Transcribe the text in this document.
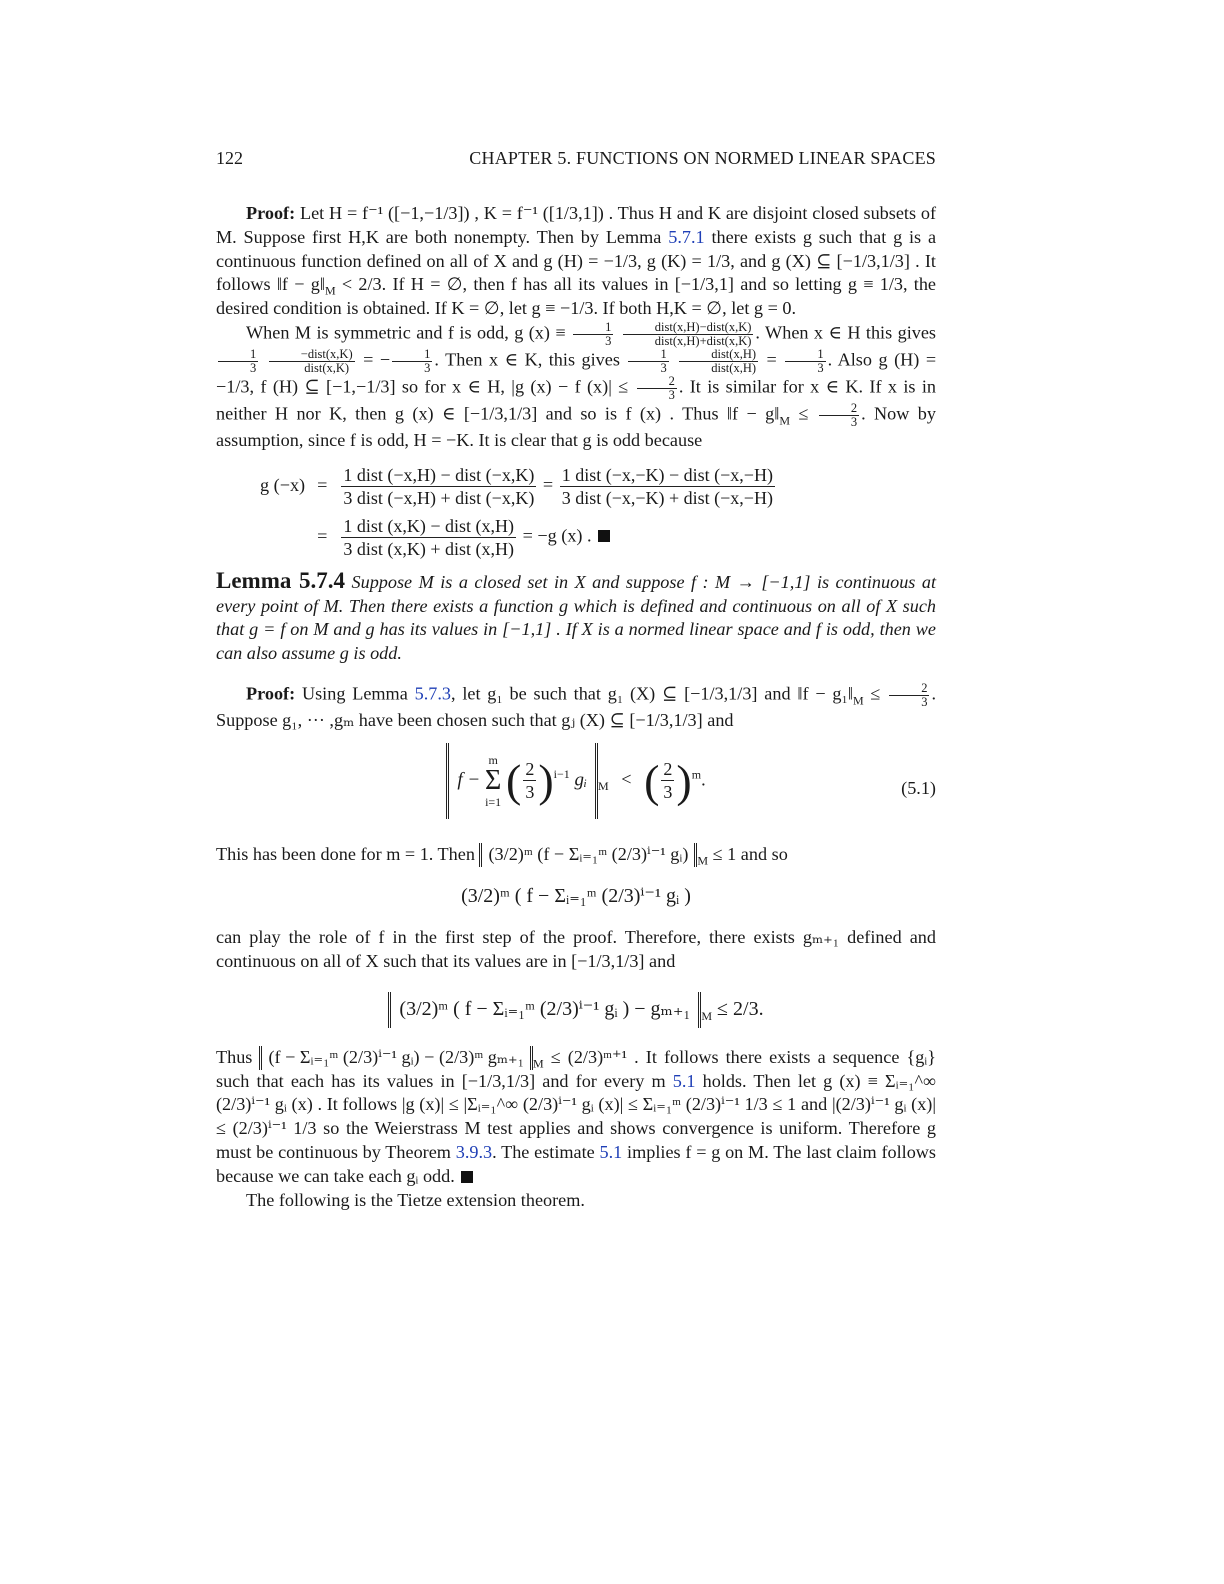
122	CHAPTER 5. FUNCTIONS ON NORMED LINEAR SPACES

Proof: Let H = f⁻¹ ([−1,−1/3]) , K = f⁻¹ ([1/3,1]) . Thus H and K are disjoint closed subsets of M. Suppose first H,K are both nonempty. Then by Lemma 5.7.1 there exists g such that g is a continuous function defined on all of X and g (H) = −1/3, g (K) = 1/3, and g (X) ⊆ [−1/3,1/3] . It follows ‖f − $g‖_M < 2/3$. If H = ∅, then f has all its values in [−1/3,1] and so letting g ≡ 1/3, the desired condition is obtained. If K = ∅, let g ≡ −1/3. If both H,K = ∅, let g = 0.

When M is symmetric and f is odd, g $(x) \equiv \frac{1}{3}$
$\frac{\text{dist(x,H)−dist(x,K)}}{\text{dist(x,H)+dist(x,K)}}$ . When x ∈ H this gives
$\frac{1}{3}$
$\frac{\text{−dist(x,K)}}{\text{dist(x,K)}}$ = − $\frac{1}{3}$ . Then x ∈ K, this gives $\frac{1}{3}$
$\frac{\text{dist(x,H)}}{\text{dist(x,H)}} = \frac{1}{3}$ . Also g (H) = −1/3, f (H) ⊆ [−1,−1/3] so for x ∈ H, |g (x) − f $(x)| \le \frac{2}{3}$ . It is similar for x ∈ K. If x is in neither H nor K, then g (x) ∈ [−1/3,1/3] and so is f (x) . Thus ‖f − $g‖_M \le \frac{2}{3}$ . Now by assumption, since f is odd, H = −K. It is clear that g is odd because

g (−x)	=	$\frac{\text{1 dist (−x,H) − dist (−x,K)}}{\text{3 dist (−x,H) + dist (−x,K)}} = \frac{\text{1 dist (−x,−K) − dist (−x,−H)}}{\text{3 dist (−x,−K) + dist (−x,−H)}}$

	=	$\frac{\text{1 dist (x,K) − dist (x,H)}}{\text{3 dist (x,K) + dist (x,H)}} = -g$ (x) .

Lemma 5.7.4 Suppose M is a closed set in X and suppose f : M → [−1,1] is continuous at every point of M. Then there exists a function g which is defined and continuous on all of X such that g = f on M and g has its values in [−1,1] . If X is a normed linear space and f is odd, then we can also assume g is odd.

Proof: Using Lemma 5.7.3, let g₁ be such that g₁ (X) ⊆ [−1/3,1/3] and ‖f − $g_1‖_M \le \frac{2}{3}$ . Suppose g₁, ··· ,gₘ have been chosen such that gⱼ (X) ⊆ [−1/3,1/3] and

f −
m
Σ
i=1 ( $\frac{2}{3} )^{i-1}$ gᵢ $_M$ < ( $\frac{2}{3} )^m$.	(5.1)

This has been done for m = 1. Then (3/2)ᵐ (f − Σᵢ₌₁ᵐ (2/3)ⁱ⁻¹ gᵢ) $_M$ ≤ 1 and so

(3/2)ᵐ ( f − Σᵢ₌₁ᵐ (2/3)ⁱ⁻¹ gᵢ )

can play the role of f in the first step of the proof. Therefore, there exists gₘ₊₁ defined and continuous on all of X such that its values are in [−1/3,1/3] and

(3/2)ᵐ ( f − Σᵢ₌₁ᵐ (2/3)ⁱ⁻¹ gᵢ ) − gₘ₊₁ $_M$ ≤ 2/3.

Thus (f − Σᵢ₌₁ᵐ (2/3)ⁱ⁻¹ gᵢ) − (2/3)ᵐ gₘ₊₁ $_M$ ≤ (2/3)ᵐ⁺¹ . It follows there exists a sequence {gᵢ} such that each has its values in [−1/3,1/3] and for every m 5.1 holds. Then let g (x) ≡ Σᵢ₌₁^∞ (2/3)ⁱ⁻¹ gᵢ (x) . It follows |g (x)| ≤ |Σᵢ₌₁^∞ (2/3)ⁱ⁻¹ gᵢ (x)| ≤ Σᵢ₌₁ᵐ (2/3)ⁱ⁻¹ 1/3 ≤ 1 and |(2/3)ⁱ⁻¹ gᵢ (x)| ≤ (2/3)ⁱ⁻¹ 1/3 so the Weierstrass M test applies and shows convergence is uniform. Therefore g must be continuous by Theorem 3.9.3. The estimate 5.1 implies f = g on M. The last claim follows because we can take each gᵢ odd.

The following is the Tietze extension theorem.
